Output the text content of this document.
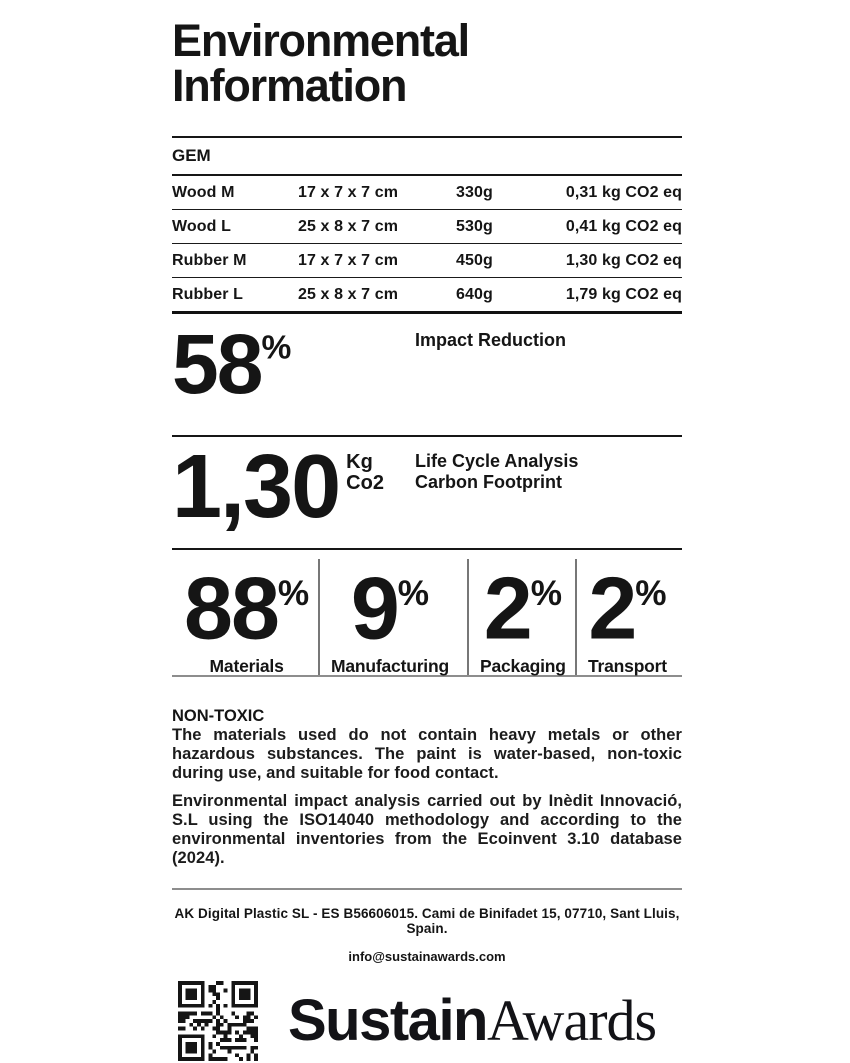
Environmental
Information
GEM
Wood M	17 x 7 x 7 cm	330g	0,31 kg CO2 eq
Wood L	25 x 8 x 7 cm	530g	0,41 kg CO2 eq
Rubber M	17 x 7 x 7 cm	450g	1,30 kg CO2 eq
Rubber L	25 x 8 x 7 cm	640g	1,79 kg CO2 eq
58%	Impact Reduction
1,30 Kg
Co2
Life Cycle Analysis
Carbon Footprint
88%
Materials
9%
Manufacturing
2%
Packaging
2%
Transport
NON-TOXIC

The materials used do not contain heavy metals or other hazardous substances. The paint is water-based, non-toxic during use, and suitable for food contact.

Environmental impact analysis carried out by Inèdit Innovació, S.L using the ISO14040 methodology and according to the environmental inventories from the Ecoinvent 3.10 database (2024).

AK Digital Plastic SL - ES B56606015. Cami de Binifadet 15, 07710, Sant Lluis, Spain.
info@sustainawards.com
SustainAwards
